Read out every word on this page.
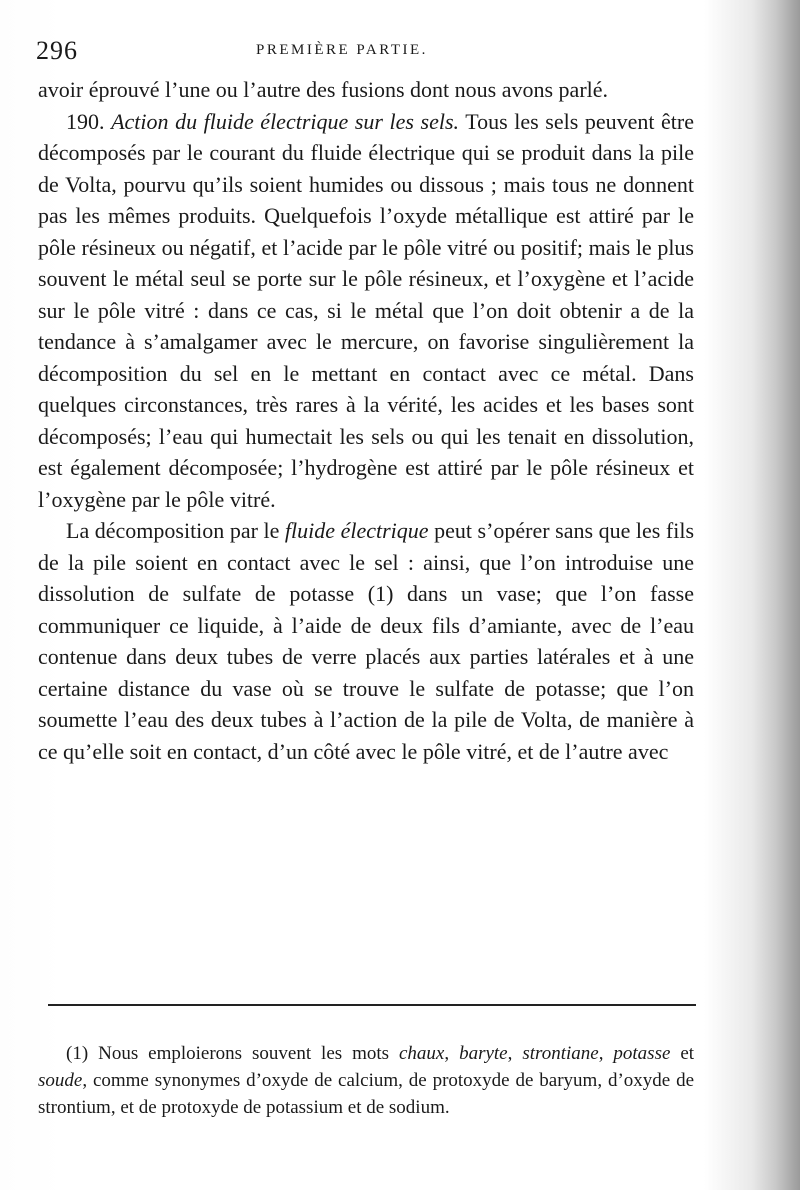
296	PREMIÈRE PARTIE.

avoir éprouvé l’une ou l’autre des fusions dont nous avons parlé.

190. Action du fluide électrique sur les sels. Tous les sels peuvent être décomposés par le courant du fluide électrique qui se produit dans la pile de Volta, pourvu qu’ils soient humides ou dissous ; mais tous ne donnent pas les mêmes produits. Quelquefois l’oxyde métallique est attiré par le pôle résineux ou négatif, et l’acide par le pôle vitré ou positif; mais le plus souvent le métal seul se porte sur le pôle résineux, et l’oxygène et l’acide sur le pôle vitré : dans ce cas, si le métal que l’on doit obtenir a de la tendance à s’amalgamer avec le mercure, on favorise singulièrement la décomposition du sel en le mettant en contact avec ce métal. Dans quelques circonstances, très rares à la vérité, les acides et les bases sont décomposés; l’eau qui humectait les sels ou qui les tenait en dissolution, est également décomposée; l’hydrogène est attiré par le pôle résineux et l’oxygène par le pôle vitré.

La décomposition par le fluide électrique peut s’opérer sans que les fils de la pile soient en contact avec le sel : ainsi, que l’on introduise une dissolution de sulfate de potasse (1) dans un vase; que l’on fasse communiquer ce liquide, à l’aide de deux fils d’amiante, avec de l’eau contenue dans deux tubes de verre placés aux parties latérales et à une certaine distance du vase où se trouve le sulfate de potasse; que l’on soumette l’eau des deux tubes à l’action de la pile de Volta, de manière à ce qu’elle soit en contact, d’un côté avec le pôle vitré, et de l’autre avec

(1) Nous emploierons souvent les mots chaux, baryte, strontiane, potasse et soude, comme synonymes d’oxyde de calcium, de protoxyde de baryum, d’oxyde de strontium, et de protoxyde de potassium et de sodium.
